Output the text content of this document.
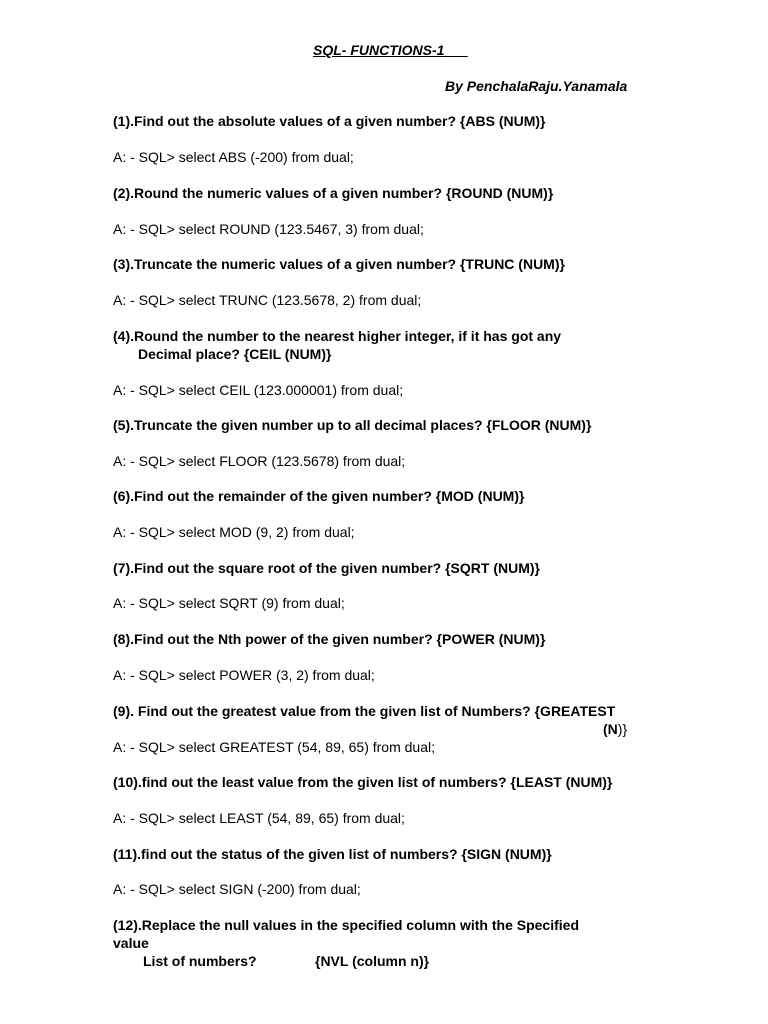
SQL- FUNCTIONS-1
By PenchalaRaju.Yanamala
(1).Find out the absolute values of a given number? {ABS (NUM)}
A: - SQL> select ABS (-200) from dual;
(2).Round the numeric values of a given number? {ROUND (NUM)}
A: - SQL> select ROUND (123.5467, 3) from dual;
(3).Truncate the numeric values of a given number? {TRUNC (NUM)}
A: - SQL> select TRUNC (123.5678, 2) from dual;
(4).Round the number to the nearest higher integer, if it has got any
Decimal place? {CEIL (NUM)}
A: - SQL> select CEIL (123.000001) from dual;
(5).Truncate the given number up to all decimal places? {FLOOR (NUM)}
A: - SQL> select FLOOR (123.5678) from dual;
(6).Find out the remainder of the given number? {MOD (NUM)}
A: - SQL> select MOD (9, 2) from dual;
(7).Find out the square root of the given number? {SQRT (NUM)}
A: - SQL> select SQRT (9) from dual;
(8).Find out the Nth power of the given number? {POWER (NUM)}
A: - SQL> select POWER (3, 2) from dual;
(9). Find out the greatest value from the given list of Numbers? {GREATEST
(N)}
A: - SQL> select GREATEST (54, 89, 65) from dual;
(10).find out the least value from the given list of numbers? {LEAST (NUM)}
A: - SQL> select LEAST (54, 89, 65) from dual;
(11).find out the status of the given list of numbers? {SIGN (NUM)}
A: - SQL> select SIGN (-200) from dual;
(12).Replace the null values in the specified column with the Specified
value
List of numbers?	{NVL (column n)}
